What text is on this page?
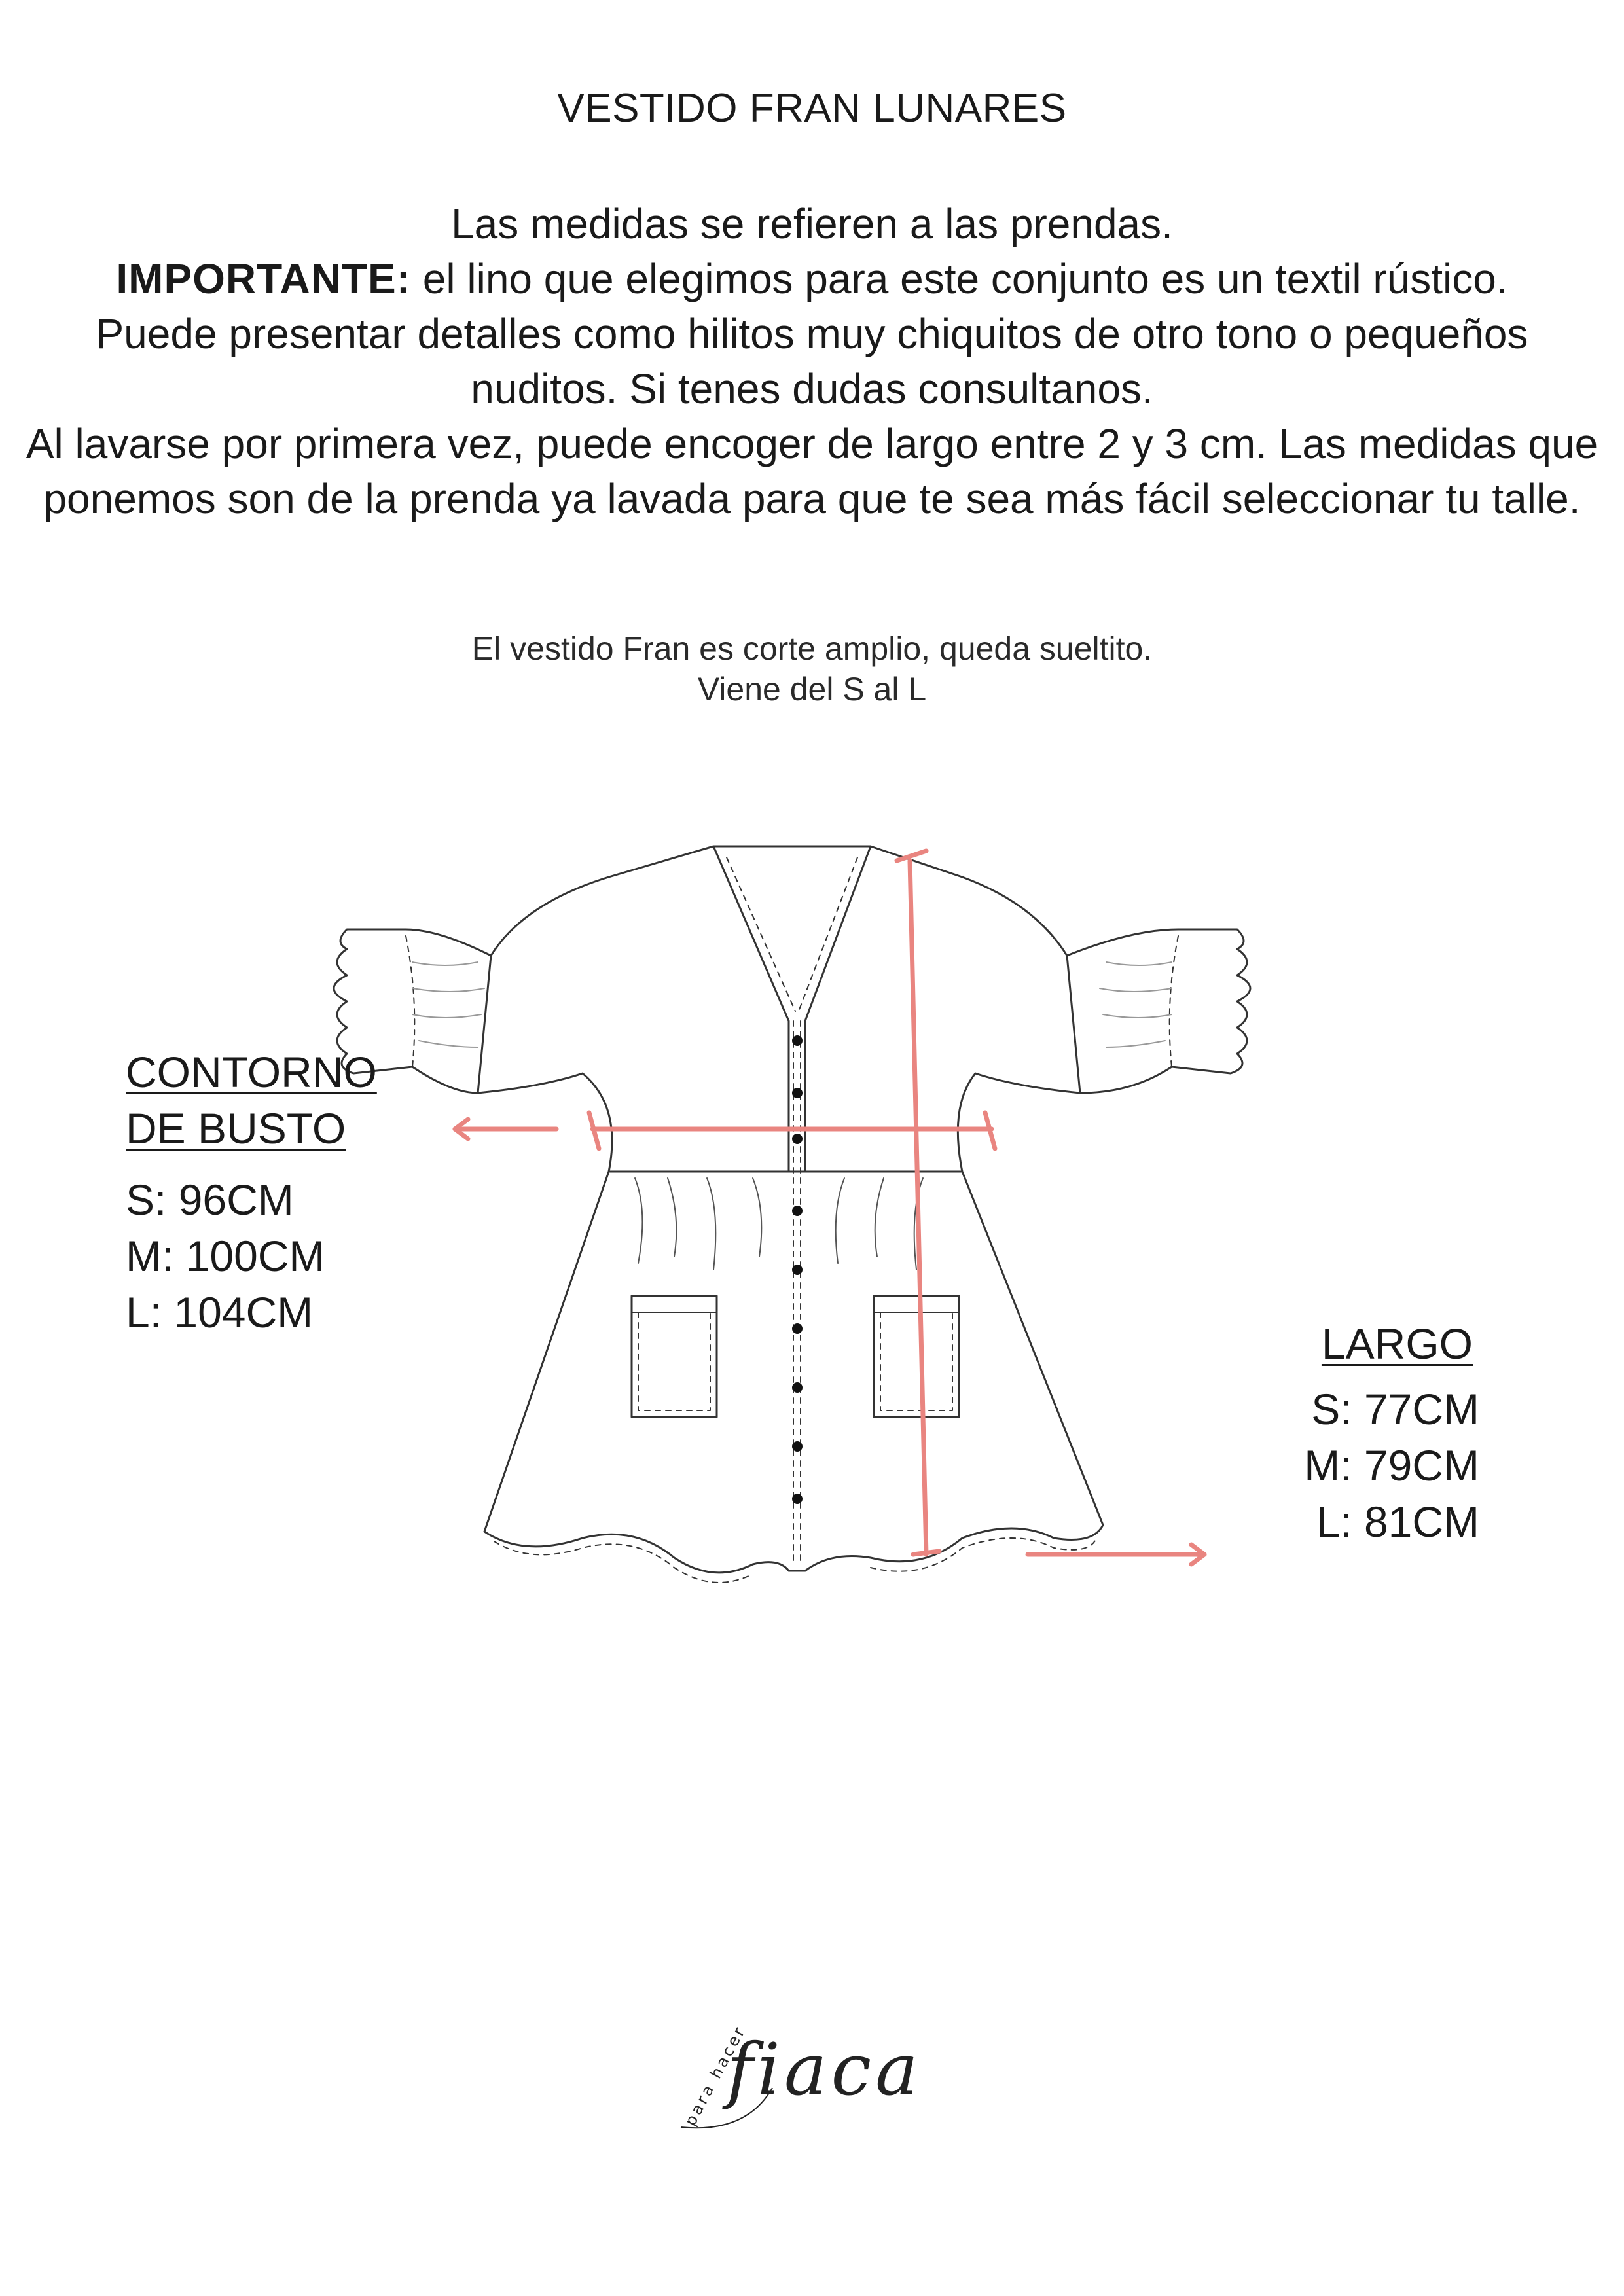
VESTIDO FRAN LUNARES

Las medidas se refieren a las prendas.

IMPORTANTE: el lino que elegimos para este conjunto es un textil rústico.

Puede presentar detalles como hilitos muy chiquitos de otro tono o pequeños

nuditos. Si tenes dudas consultanos.

Al lavarse por primera vez, puede encoger de largo entre 2 y 3 cm. Las medidas que

ponemos son de la prenda ya lavada para que te sea más fácil seleccionar tu talle.

El vestido Fran es corte amplio, queda sueltito.

Viene del S al L

CONTORNO
DE BUSTO
S: 96CM
M: 100CM
L: 104CM
LARGO
S: 77CM
M: 79CM
L: 81CM
para hacer
fiaca
